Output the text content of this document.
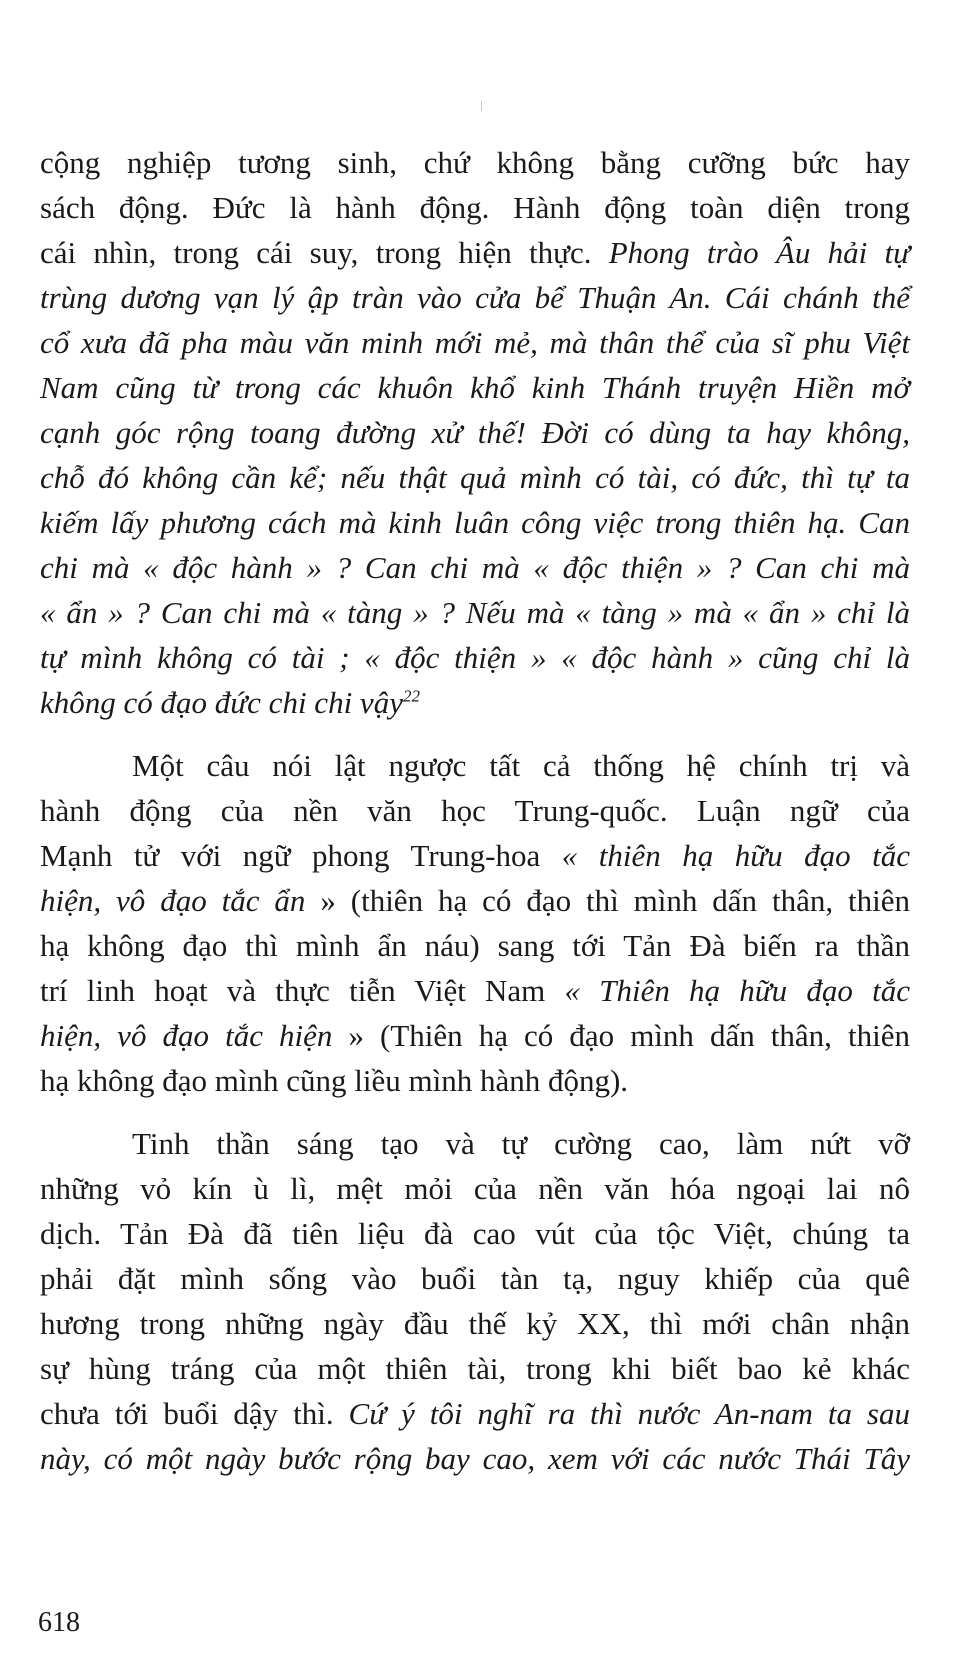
cộng nghiệp tương sinh, chứ không bằng cưỡng bức hay
sách động. Đức là hành động. Hành động toàn diện trong
cái nhìn, trong cái suy, trong hiện thực. Phong trào Âu hải tự
trùng dương vạn lý ập tràn vào cửa bể Thuận An. Cái chánh thể
cổ xưa đã pha màu văn minh mới mẻ, mà thân thể của sĩ phu Việt
Nam cũng từ trong các khuôn khổ kinh Thánh truyện Hiền mở
cạnh góc rộng toang đường xử thế! Đời có dùng ta hay không,
chỗ đó không cần kể; nếu thật quả mình có tài, có đức, thì tự ta
kiếm lấy phương cách mà kinh luân công việc trong thiên hạ. Can
chi mà « độc hành » ? Can chi mà « độc thiện » ? Can chi mà
« ẩn » ? Can chi mà « tàng » ? Nếu mà « tàng » mà « ẩn » chỉ là
tự mình không có tài ; « độc thiện » « độc hành » cũng chỉ là
không có đạo đức chi chi vậy$^{22}$
Một câu nói lật ngược tất cả thống hệ chính trị và
hành động của nền văn học Trung-quốc. Luận ngữ của
Mạnh tử với ngữ phong Trung-hoa « thiên hạ hữu đạo tắc
hiện, vô đạo tắc ẩn » (thiên hạ có đạo thì mình dấn thân, thiên
hạ không đạo thì mình ẩn náu) sang tới Tản Đà biến ra thần
trí linh hoạt và thực tiễn Việt Nam « Thiên hạ hữu đạo tắc
hiện, vô đạo tắc hiện » (Thiên hạ có đạo mình dấn thân, thiên
hạ không đạo mình cũng liều mình hành động).
Tinh thần sáng tạo và tự cường cao, làm nứt vỡ
những vỏ kín ù lì, mệt mỏi của nền văn hóa ngoại lai nô
dịch. Tản Đà đã tiên liệu đà cao vút của tộc Việt, chúng ta
phải đặt mình sống vào buổi tàn tạ, nguy khiếp của quê
hương trong những ngày đầu thế kỷ XX, thì mới chân nhận
sự hùng tráng của một thiên tài, trong khi biết bao kẻ khác
chưa tới buổi dậy thì. Cứ ý tôi nghĩ ra thì nước An-nam ta sau
này, có một ngày bước rộng bay cao, xem với các nước Thái Tây
618
